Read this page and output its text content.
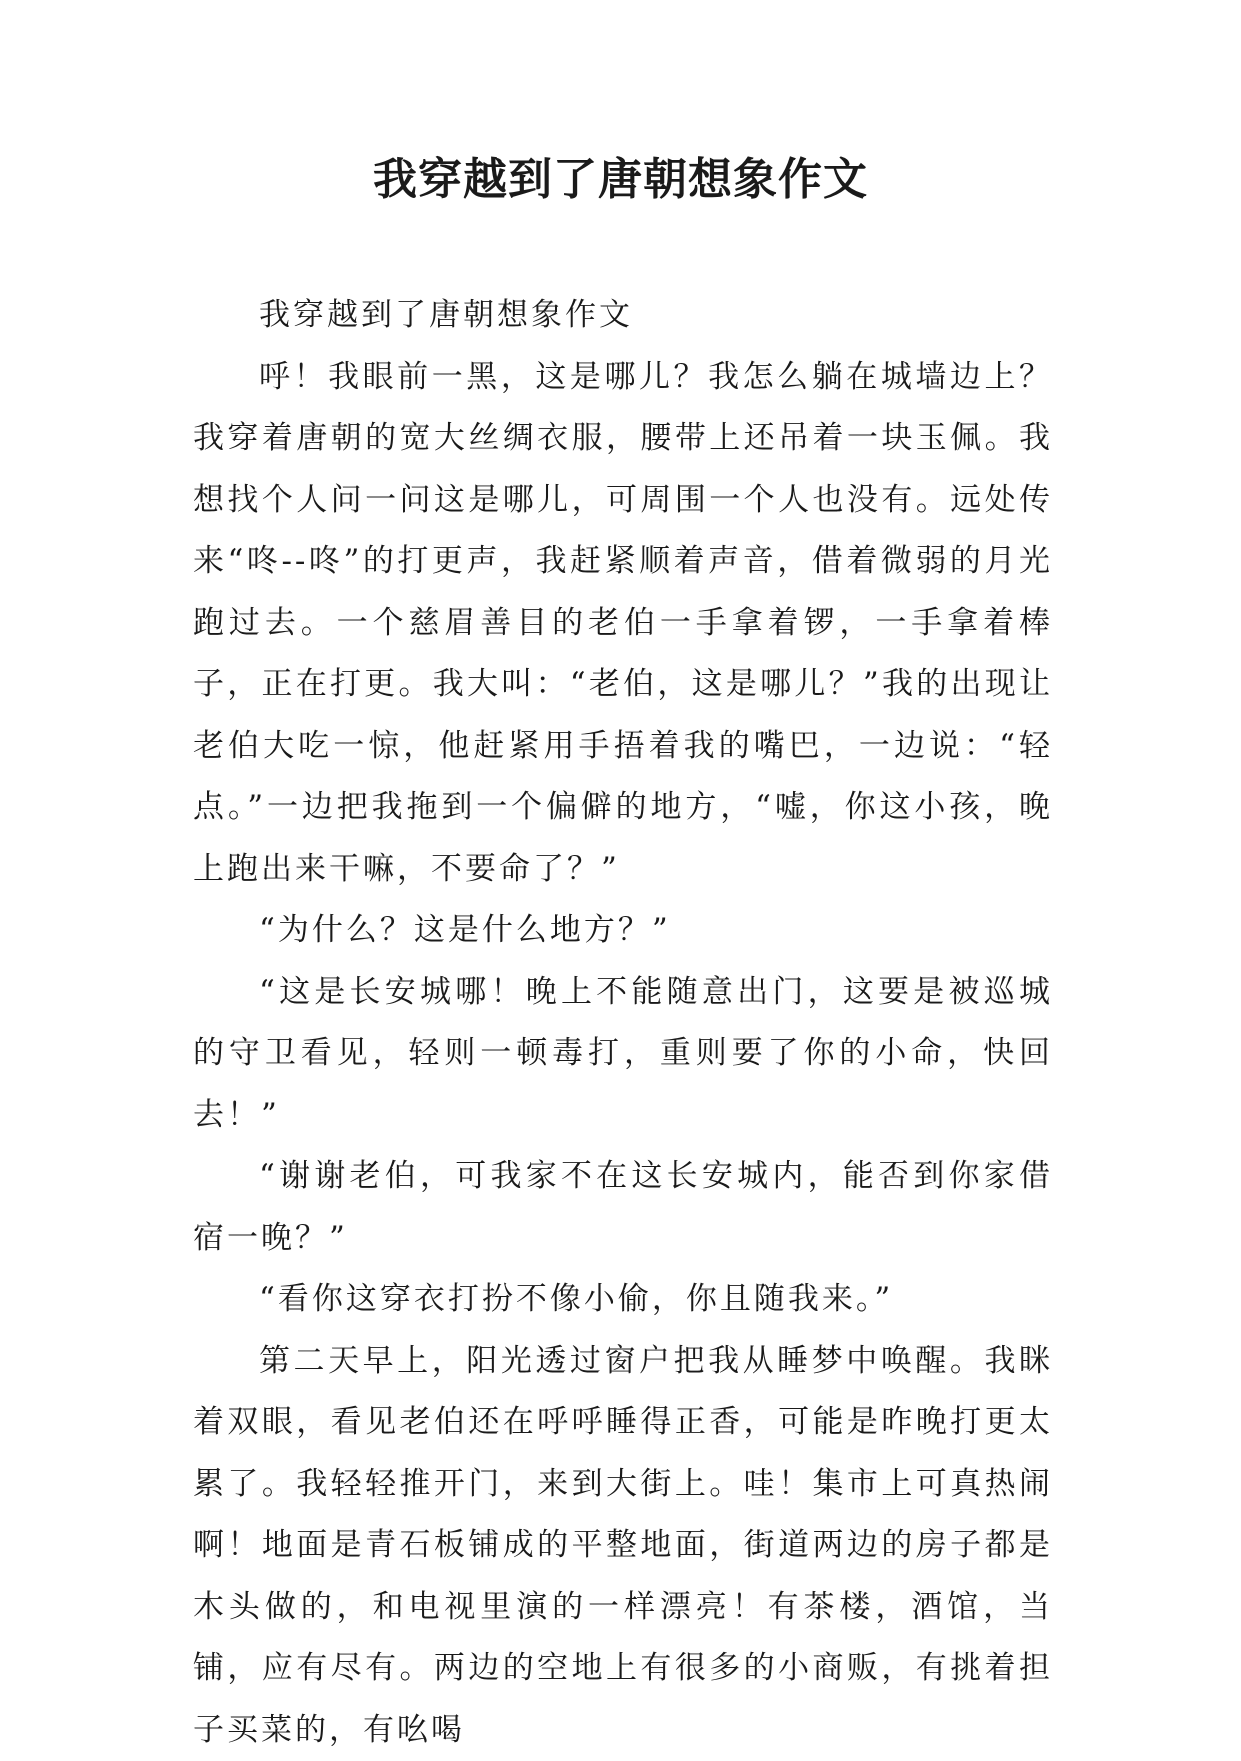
我穿越到了唐朝想象作文

我穿越到了唐朝想象作文

呼！我眼前一黑，这是哪儿？我怎么躺在城墙边上？我穿着唐朝的宽大丝绸衣服，腰带上还吊着一块玉佩。我想找个人问一问这是哪儿，可周围一个人也没有。远处传来“咚--咚”的打更声，我赶紧顺着声音，借着微弱的月光跑过去。一个慈眉善目的老伯一手拿着锣，一手拿着棒子，正在打更。我大叫：“老伯，这是哪儿？”我的出现让老伯大吃一惊，他赶紧用手捂着我的嘴巴，一边说：“轻点。”一边把我拖到一个偏僻的地方，“嘘，你这小孩，晚上跑出来干嘛，不要命了？”

“为什么？这是什么地方？”

“这是长安城哪！晚上不能随意出门，这要是被巡城的守卫看见，轻则一顿毒打，重则要了你的小命，快回去！”

“谢谢老伯，可我家不在这长安城内，能否到你家借宿一晚？”

“看你这穿衣打扮不像小偷，你且随我来。”

第二天早上，阳光透过窗户把我从睡梦中唤醒。我眯着双眼，看见老伯还在呼呼睡得正香，可能是昨晚打更太累了。我轻轻推开门，来到大街上。哇！集市上可真热闹啊！地面是青石板铺成的平整地面，街道两边的房子都是木头做的，和电视里演的一样漂亮！有茶楼，酒馆，当铺，应有尽有。两边的空地上有很多的小商贩，有挑着担子买菜的，有吆喝
